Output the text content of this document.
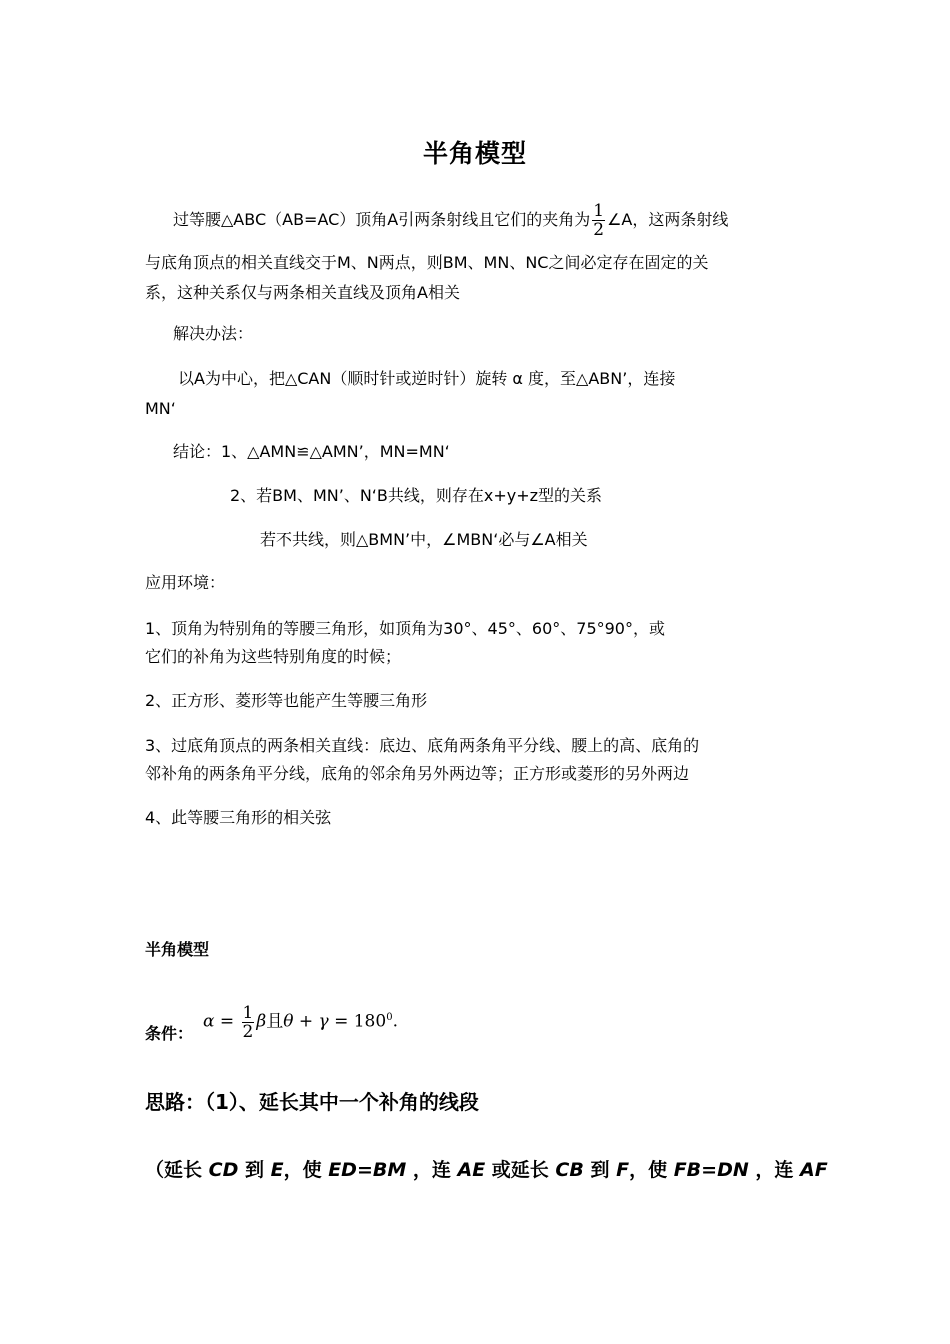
半角模型
过等腰△ABC（AB=AC）顶角A引两条射线且它们的夹角为 $\frac{1}{2}$ ∠A，这两条射线
与底角顶点的相关直线交于M、N两点，则BM、MN、NC之间必定存在固定的关
系，这种关系仅与两条相关直线及顶角A相关
解决办法：
以A为中心，把△CAN（顺时针或逆时针）旋转 α 度，至△ABN’，连接
MN‘
结论：1、△AMN≌△AMN’，MN=MN‘
2、若BM、MN’、N‘B共线，则存在x+y+z型的关系
若不共线，则△BMN’中，∠MBN‘必与∠A相关
应用环境：
1、顶角为特别角的等腰三角形，如顶角为30°、45°、60°、75°90°，或
它们的补角为这些特别角度的时候；
2、正方形、菱形等也能产生等腰三角形
3、过底角顶点的两条相关直线：底边、底角两条角平分线、腰上的高、底角的
邻补角的两条角平分线，底角的邻余角另外两边等；正方形或菱形的另外两边
4、此等腰三角形的相关弦
半角模型
条件：
$\alpha = \frac{1}{2}$ β且$\theta + \gamma = 180^0$.
思路：（1）、延长其中一个补角的线段
（延长 CD 到 E，使 ED=BM ，连 AE 或延长 CB 到 F，使 FB=DN ，连 AF
